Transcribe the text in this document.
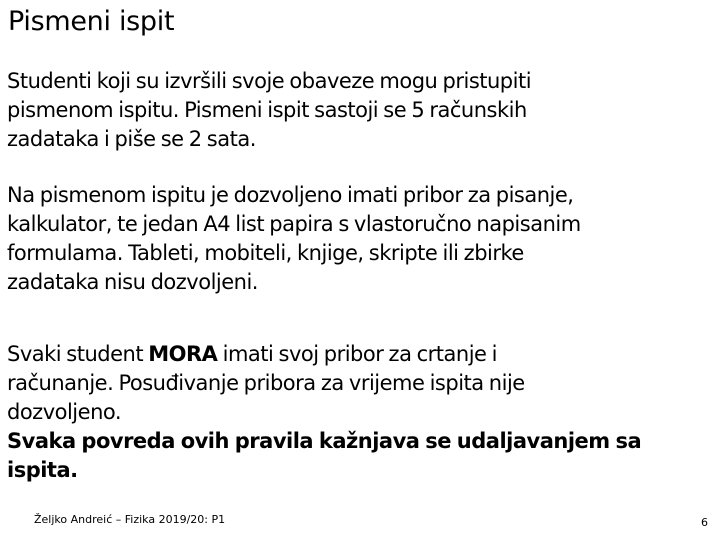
Pismeni ispit

Studenti koji su izvršili svoje obaveze mogu pristupiti
pismenom ispitu. Pismeni ispit sastoji se 5 računskih
zadataka i piše se 2 sata.

Na pismenom ispitu je dozvoljeno imati pribor za pisanje,
kalkulator, te jedan A4 list papira s vlastoručno napisanim
formulama. Tableti, mobiteli, knjige, skripte ili zbirke
zadataka nisu dozvoljeni.

Svaki student MORA imati svoj pribor za crtanje i
računanje. Posuđivanje pribora za vrijeme ispita nije
dozvoljeno.
Svaka povreda ovih pravila kažnjava se udaljavanjem sa
ispita.

Željko Andreić – Fizika 2019/20: P1	6
